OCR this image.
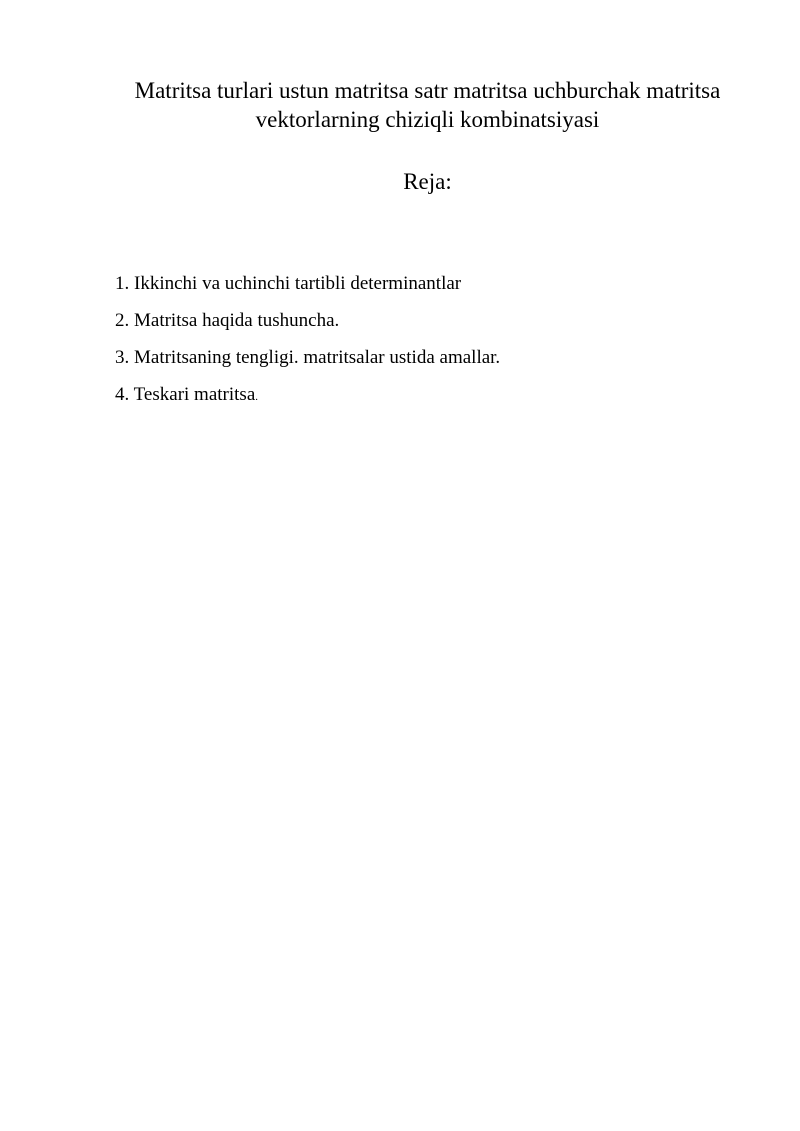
Matritsa turlari ustun matritsa satr matritsa uchburchak matritsa
vektorlarning chiziqli kombinatsiyasi
Reja:
1. Ikkinchi va uchinchi tartibli determinantlar
2. Matritsa haqida tushuncha.
3. Matritsaning tengligi. matritsalar ustida amallar.
4. Teskari matritsa.
